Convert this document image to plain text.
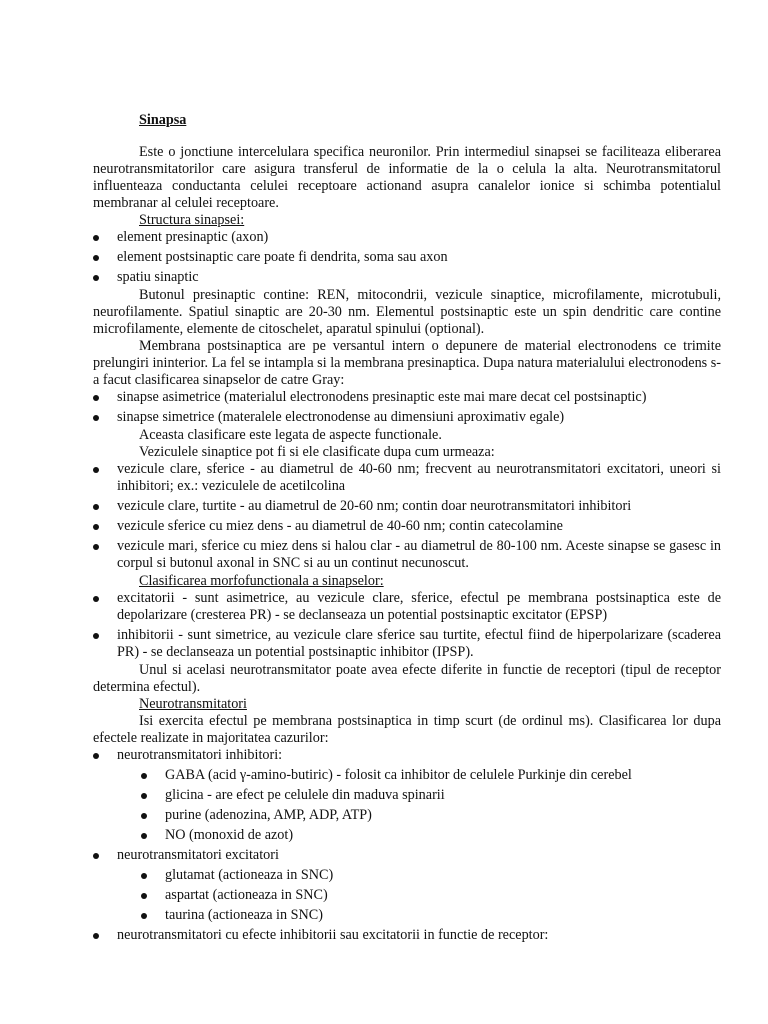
Sinapsa

Este o jonctiune intercelulara specifica neuronilor. Prin intermediul sinapsei se faciliteaza eliberarea neurotransmitatorilor care asigura transferul de informatie de la o celula la alta. Neurotransmitatorul influenteaza conductanta celulei receptoare actionand asupra canalelor ionice si schimba potentialul membranar al celulei receptoare.

Structura sinapsei:
element presinaptic (axon)
element postsinaptic care poate fi dendrita, soma sau axon
spatiu sinaptic

Butonul presinaptic contine: REN, mitocondrii, vezicule sinaptice, microfilamente, microtubuli, neurofilamente. Spatiul sinaptic are 20-30 nm. Elementul postsinaptic este un spin dendritic care contine microfilamente, elemente de citoschelet, aparatul spinului (optional).

Membrana postsinaptica are pe versantul intern o depunere de material electronodens ce trimite prelungiri ininterior. La fel se intampla si la membrana presinaptica. Dupa natura materialului electronodens s-a facut clasificarea sinapselor de catre Gray:

sinapse asimetrice (materialul electronodens presinaptic este mai mare decat cel postsinaptic)
sinapse simetrice (materalele electronodense au dimensiuni aproximativ egale)
Aceasta clasificare este legata de aspecte functionale.
Veziculele sinaptice pot fi si ele clasificate dupa cum urmeaza:
vezicule clare, sferice - au diametrul de 40-60 nm; frecvent au neurotransmitatori excitatori, uneori si inhibitori; ex.: veziculele de acetilcolina
vezicule clare, turtite - au diametrul de 20-60 nm; contin doar neurotransmitatori inhibitori
vezicule sferice cu miez dens - au diametrul de 40-60 nm; contin catecolamine
vezicule mari, sferice cu miez dens si halou clar - au diametrul de 80-100 nm. Aceste sinapse se gasesc in corpul si butonul axonal in SNC si au un continut necunoscut.
Clasificarea morfofunctionala a sinapselor:
excitatorii - sunt asimetrice, au vezicule clare, sferice, efectul pe membrana postsinaptica este de depolarizare (cresterea PR) - se declanseaza un potential postsinaptic excitator (EPSP)
inhibitorii - sunt simetrice, au vezicule clare sferice sau turtite, efectul fiind de hiperpolarizare (scaderea PR) - se declanseaza un potential postsinaptic inhibitor (IPSP).

Unul si acelasi neurotransmitator poate avea efecte diferite in functie de receptori (tipul de receptor determina efectul).

Neurotransmitatori

Isi exercita efectul pe membrana postsinaptica in timp scurt (de ordinul ms). Clasificarea lor dupa efectele realizate in majoritatea cazurilor:

neurotransmitatori inhibitori:
GABA (acid γ-amino-butiric) - folosit ca inhibitor de celulele Purkinje din cerebel
glicina - are efect pe celulele din maduva spinarii
purine (adenozina, AMP, ADP, ATP)
NO (monoxid de azot)
neurotransmitatori excitatori
glutamat (actioneaza in SNC)
aspartat (actioneaza in SNC)
taurina (actioneaza in SNC)
neurotransmitatori cu efecte inhibitorii sau excitatorii in functie de receptor:
